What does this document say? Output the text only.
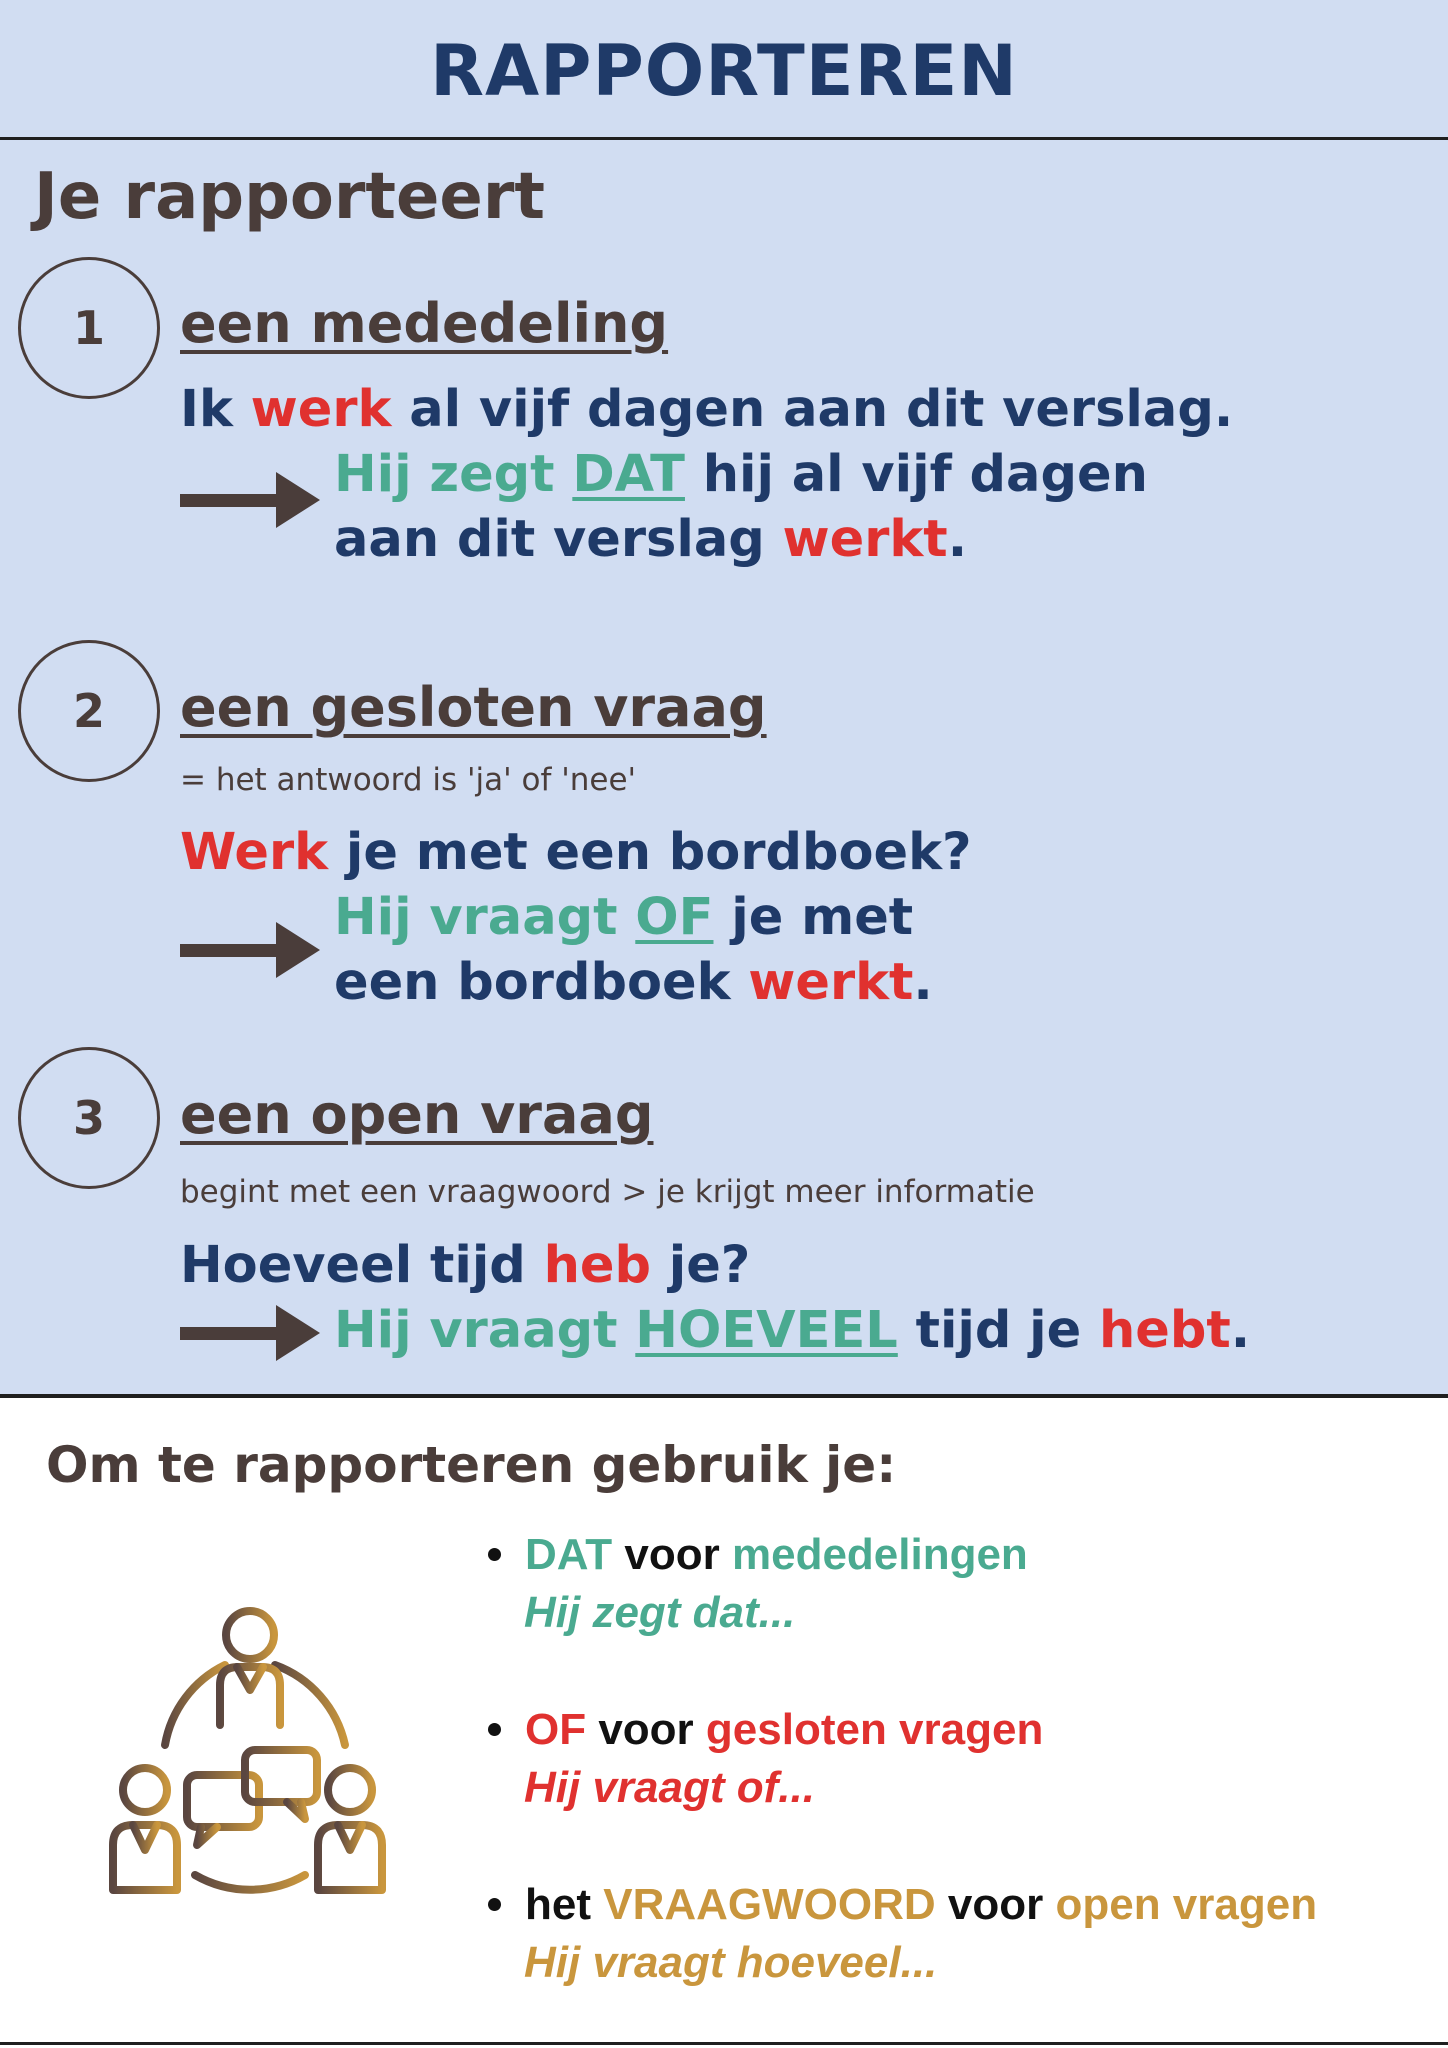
RAPPORTEREN
Je rapporteert
1 een mededeling
Ik werk al vijf dagen aan dit verslag.
Hij zegt DAT hij al vijf dagen
aan dit verslag werkt.
2 een gesloten vraag
= het antwoord is 'ja' of 'nee'
Werk je met een bordboek?
Hij vraagt OF je met
een bordboek werkt.
3 een open vraag
begint met een vraagwoord > je krijgt meer informatie
Hoeveel tijd heb je?
Hij vraagt HOEVEEL tijd je hebt.
Om te rapporteren gebruik je:
DAT voor mededelingen
Hij zegt dat...
OF voor gesloten vragen
Hij vraagt of...
het VRAAGWOORD voor open vragen
Hij vraagt hoeveel...
